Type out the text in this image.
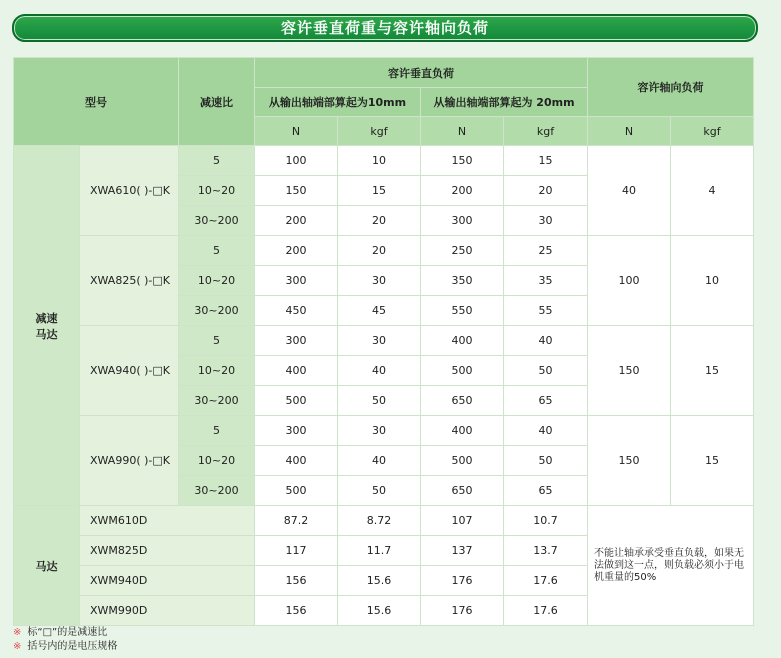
容许垂直荷重与容许轴向负荷
型号		减速比	容许垂直负荷				容许轴向负荷	
			从输出轴端部算起为10mm		从输出轴端部算起为 20mm			
			N	kgf	N	kgf	N	kgf
减速
马达	XWA610( )-□K	5	100	10	150	15	40	4
		10~20	150	15	200	20		
		30~200	200	20	300	30		
	XWA825( )-□K	5	200	20	250	25	100	10
		10~20	300	30	350	35		
		30~200	450	45	550	55		
	XWA940( )-□K	5	300	30	400	40	150	15
		10~20	400	40	500	50		
		30~200	500	50	650	65		
	XWA990( )-□K	5	300	30	400	40	150	15
		10~20	400	40	500	50		
		30~200	500	50	650	65		
马达	XWM610D		87.2	8.72	107	10.7	不能让轴承承受垂直负载，如果无法做到这一点，则负载必须小于电机重量的50%	
	XWM825D		117	11.7	137	13.7		
	XWM940D		156	15.6	176	17.6		
	XWM990D		156	15.6	176	17.6		
※ 标“□”的是减速比
※ 括号内的是电压规格
